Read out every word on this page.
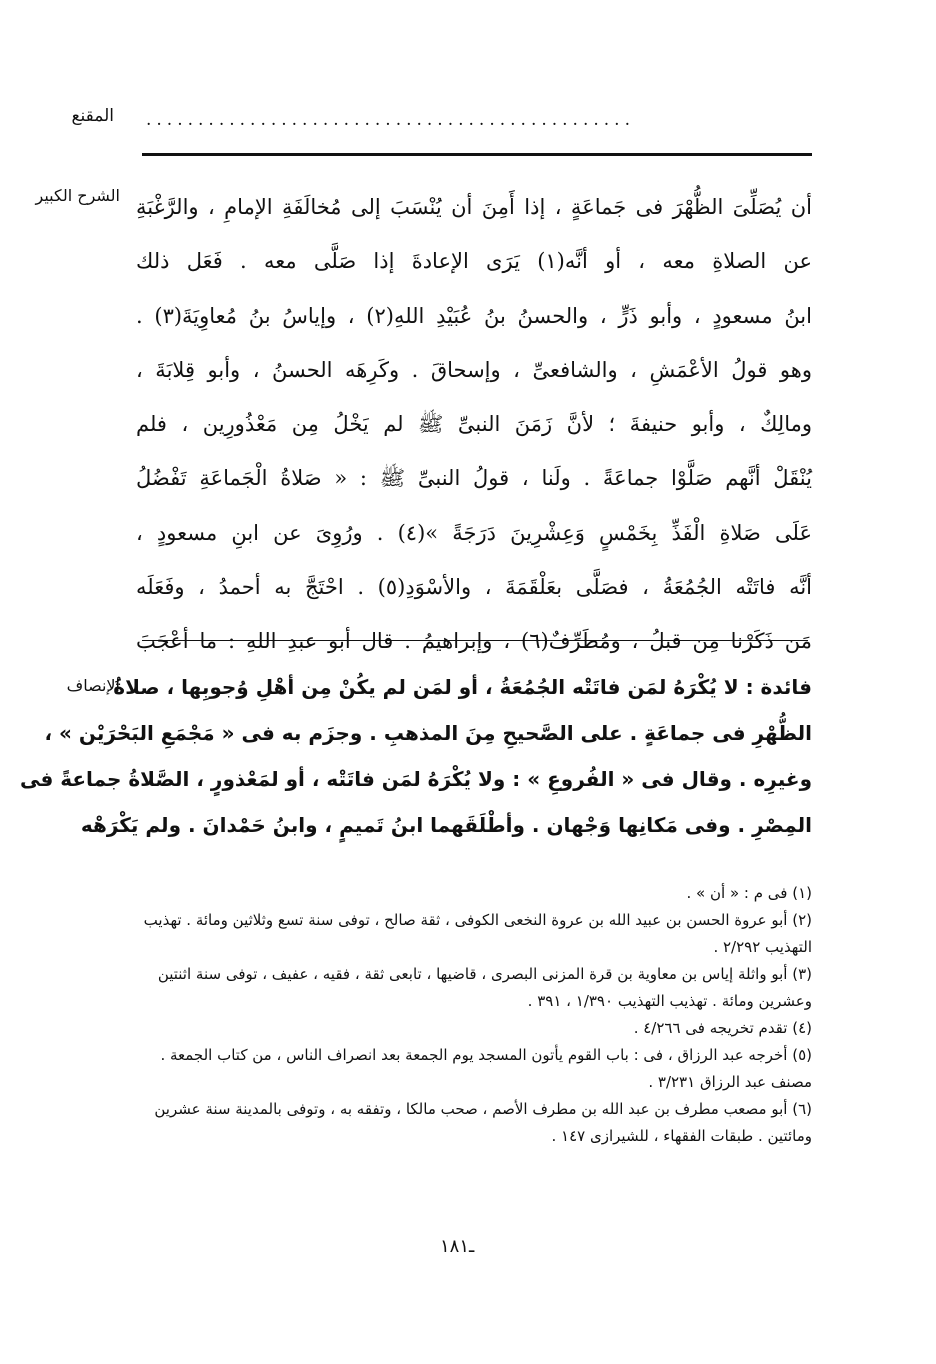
المقنع ...............................................
الشرح الكبير أن يُصَلِّىَ الظُّهْرَ فى جَماعَةٍ ، إذا أَمِنَ أن يُنْسَبَ إلى مُخالَفَةِ الإمامِ ، والرَّغْبَةِ
عن الصلاةِ معه ، أو أنَّه(١) يَرَى الإعادةَ إذا صَلَّى معه . فَعَل ذلك
ابنُ مسعودٍ ، وأبو ذَرٍّ ، والحسنُ بنُ عُبَيْدِ اللهِ(٢) ، وإياسُ بنُ مُعاوِيَةَ(٣) .
وهو قولُ الأعْمَشِ ، والشافعىِّ ، وإسحاقَ . وكَرِهَه الحسنُ ، وأبو قِلابَةَ ،
ومالِكٌ ، وأبو حنيفةَ ؛ لأنَّ زَمَنَ النبىِّ ﷺ لم يَخْلُ مِن مَعْذُورِين ، فلم
يُنْقَلْ أنَّهم صَلَّوْا جماعَةً . ولَنا ، قولُ النبىِّ ﷺ : « صَلاةُ الْجَماعَةِ تَفْضُلُ
عَلَى صَلاةِ الْفَذِّ بِخَمْسٍ وَعِشْرِينَ دَرَجَةً »(٤) . ورُوِىَ عن ابنِ مسعودٍ ،
أنَّه فاتَتْه الجُمُعَةُ ، فصَلَّى بعَلْقَمَةَ ، والأسْوَدِ(٥) . احْتَجَّ به أحمدُ ، وفَعَلَه
مَن ذَكَرْنا مِن قبلُ ، ومُطَرِّفٌ(٦) ، وإبراهيمُ . قال أبو عبدِ اللهِ : ما أعْجَبَ
الإنصاف	فائدة : لا يُكْرَهُ لمَن فاتَتْه الجُمُعَةُ ، أو لمَن لم يكُنْ مِن أهْلِ وُجوبِها ، صلاةُ
الظُّهْرِ فى جماعَةٍ . على الصَّحيحِ مِنَ المذهبِ . وجزَم به فى « مَجْمَعِ البَحْرَيْن » ،
وغيرِه . وقال فى « الفُروعِ » : ولا يُكْرَهُ لمَن فاتَتْه ، أو لمَعْذورٍ ، الصَّلاةُ جماعةً فى
المِصْرِ . وفى مَكانِها وَجْهان . وأطْلَقَهما ابنُ تَميمٍ ، وابنُ حَمْدانَ . ولم يَكْرَهْه
(١) فى م : « أن » .
(٢) أبو عروة الحسن بن عبيد الله بن عروة النخعى الكوفى ، ثقة صالح ، توفى سنة تسع وثلاثين ومائة . تهذيب
التهذيب ٢/٢٩٢ .
(٣) أبو واثلة إياس بن معاوية بن قرة المزنى البصرى ، قاضيها ، تابعى ثقة ، فقيه ، عفيف ، توفى سنة اثنتين
وعشرين ومائة . تهذيب التهذيب ١/٣٩٠ ، ٣٩١ .
(٤) تقدم تخريجه فى ٤/٢٦٦ .
(٥) أخرجه عبد الرزاق ، فى : باب القوم يأتون المسجد يوم الجمعة بعد انصراف الناس ، من كتاب الجمعة .
مصنف عبد الرزاق ٣/٢٣١ .
(٦) أبو مصعب مطرف بن عبد الله بن مطرف الأصم ، صحب مالكا ، وتفقه به ، وتوفى بالمدينة سنة عشرين
ومائتين . طبقات الفقهاء ، للشيرازى ١٤٧ .
ـ١٨١
